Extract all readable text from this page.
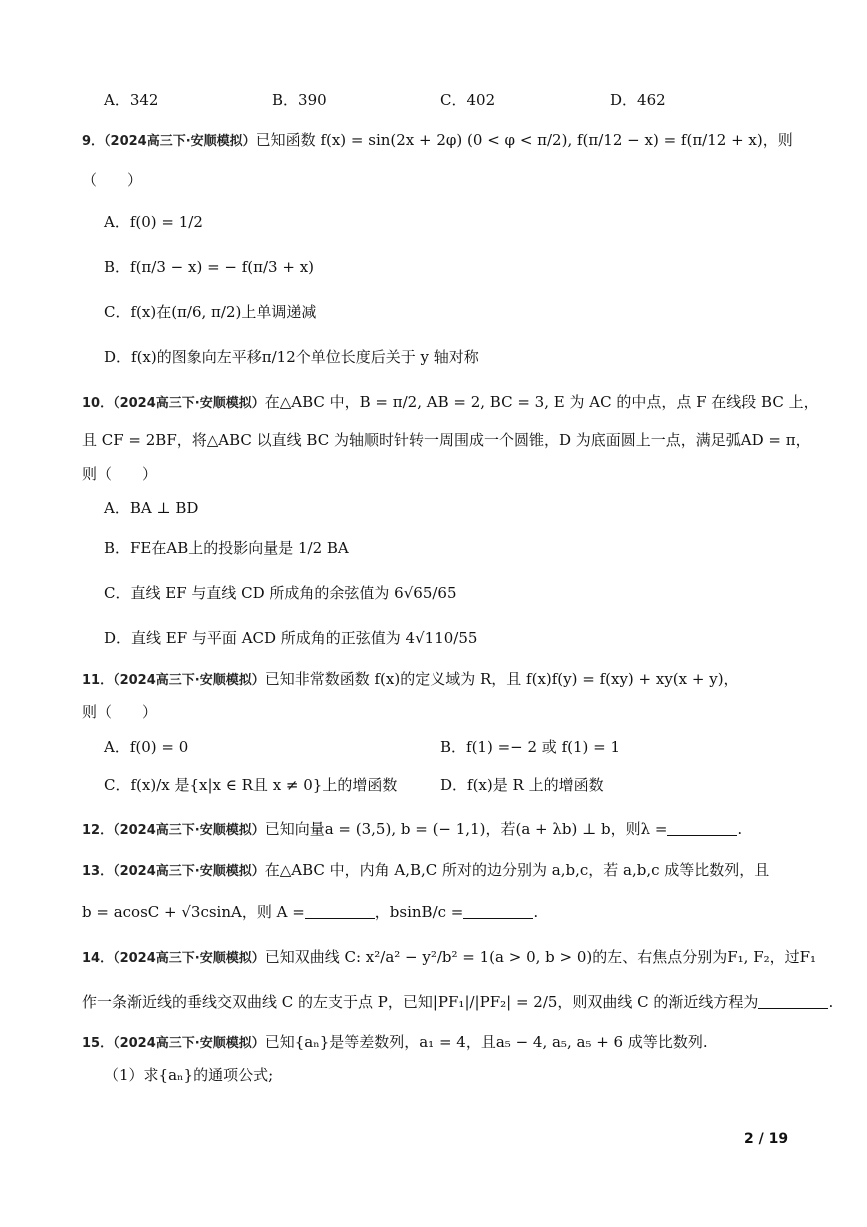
A．342	B．390	C．402	D．462
9．（2024高三下·安顺模拟）已知函数 f(x) = sin(2x + 2φ) (0 < φ < π/2), f(π/12 − x) = f(π/12 + x)，则
（　　）
A．f(0) = 1/2
B．f(π/3 − x) = − f(π/3 + x)
C．f(x)在(π/6, π/2)上单调递减
D．f(x)的图象向左平移π/12个单位长度后关于 y 轴对称
10．（2024高三下·安顺模拟）在△ABC 中，B = π/2, AB = 2, BC = 3, E 为 AC 的中点，点 F 在线段 BC 上，
且 CF = 2BF，将△ABC 以直线 BC 为轴顺时针转一周围成一个圆锥，D 为底面圆上一点，满足弧AD = π，
则（　　）
A．BA ⊥ BD
B．FE在AB上的投影向量是 1/2 BA
C．直线 EF 与直线 CD 所成角的余弦值为 6√65/65
D．直线 EF 与平面 ACD 所成角的正弦值为 4√110/55
11．（2024高三下·安顺模拟）已知非常数函数 f(x)的定义域为 R，且 f(x)f(y) = f(xy) + xy(x + y)，
则（　　）
A．f(0) = 0	B．f(1) =− 2 或 f(1) = 1
C．f(x)/x 是{x|x ∈ R且 x ≠ 0}上的增函数	D．f(x)是 R 上的增函数
12．（2024高三下·安顺模拟）已知向量a = (3,5), b = (− 1,1)，若(a + λb) ⊥ b，则λ =	.
13．（2024高三下·安顺模拟）在△ABC 中，内角 A,B,C 所对的边分别为 a,b,c，若 a,b,c 成等比数列，且
b = acosC + √3csinA，则 A =	，bsinB/c =	.
14．（2024高三下·安顺模拟）已知双曲线 C: x²/a² − y²/b² = 1(a > 0, b > 0)的左、右焦点分别为F₁, F₂，过F₁
作一条渐近线的垂线交双曲线 C 的左支于点 P，已知|PF₁|/|PF₂| = 2/5，则双曲线 C 的渐近线方程为	.
15．（2024高三下·安顺模拟）已知{aₙ}是等差数列，a₁ = 4，且a₅ − 4, a₅, a₅ + 6 成等比数列.
（1）求{aₙ}的通项公式;
2 / 19
